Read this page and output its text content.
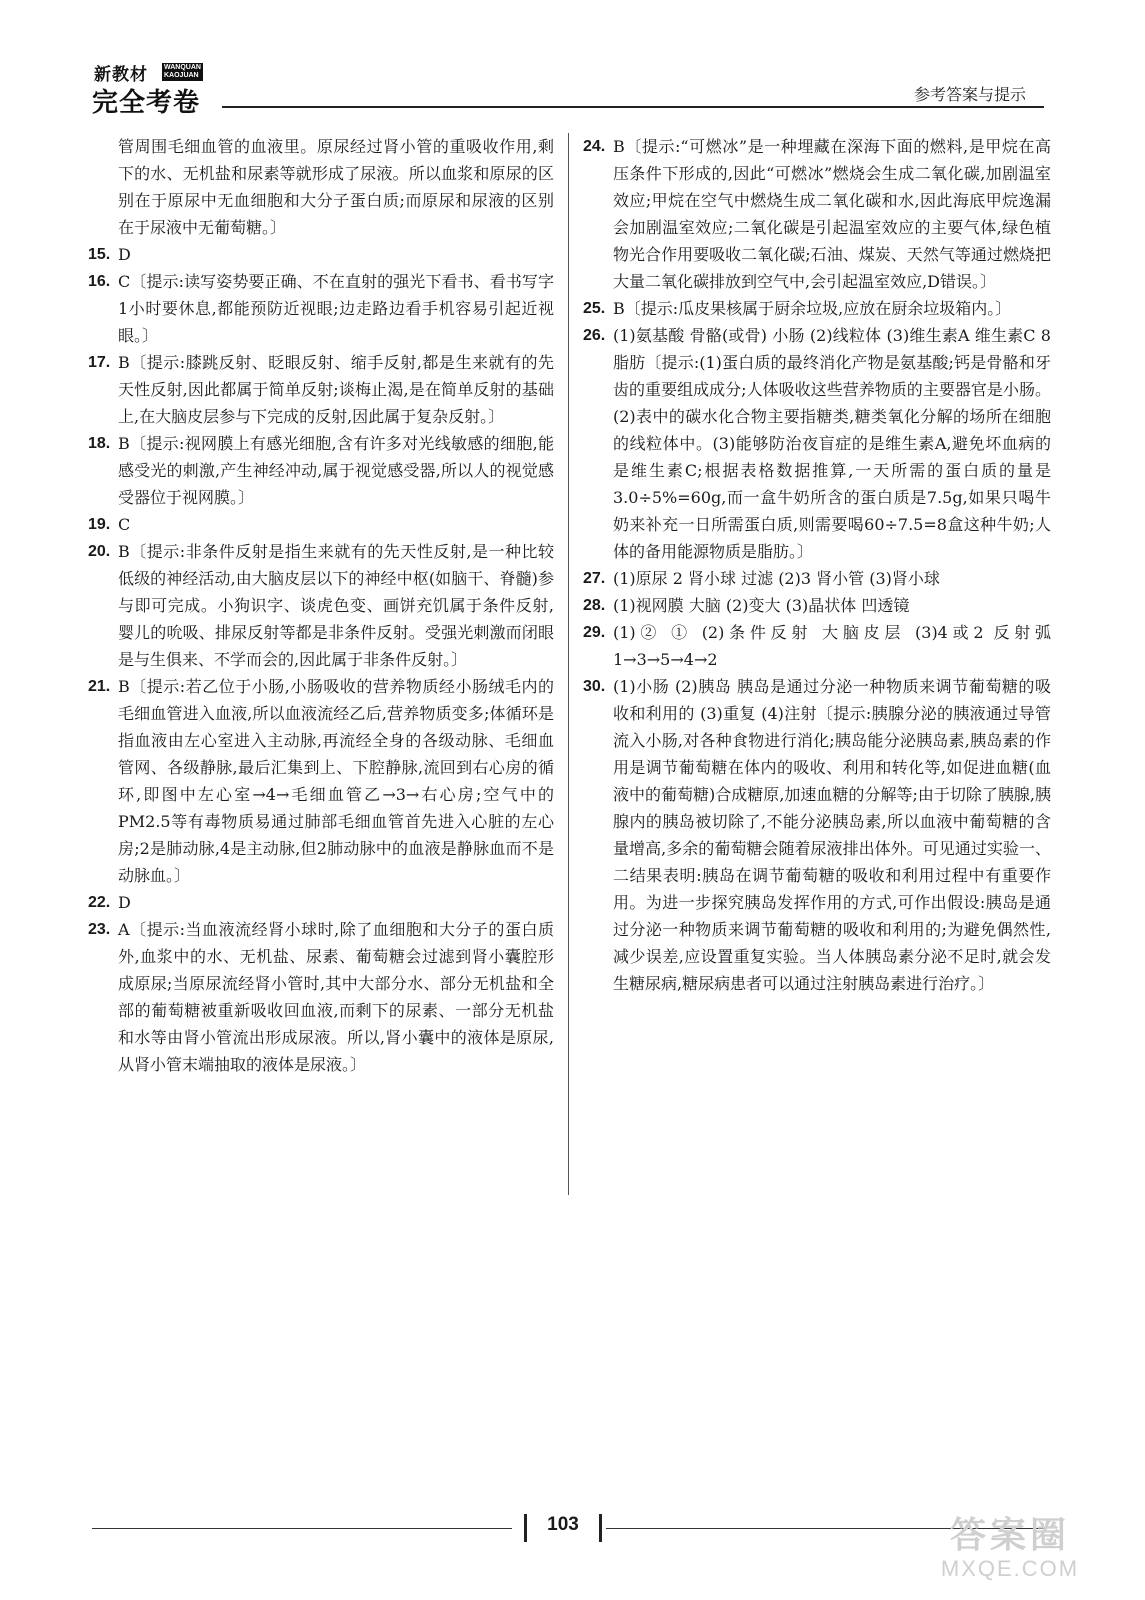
新教材 WANQUAN
KAOJUAN
完全考卷	参考答案与提示
管周围毛细血管的血液里。原尿经过肾小管的重吸收作用,剩下的水、无机盐和尿素等就形成了尿液。所以血浆和原尿的区别在于原尿中无血细胞和大分子蛋白质;而原尿和尿液的区别在于尿液中无葡萄糖。〕
15. D
16. C〔提示:读写姿势要正确、不在直射的强光下看书、看书写字1小时要休息,都能预防近视眼;边走路边看手机容易引起近视眼。〕
17. B〔提示:膝跳反射、眨眼反射、缩手反射,都是生来就有的先天性反射,因此都属于简单反射;谈梅止渴,是在简单反射的基础上,在大脑皮层参与下完成的反射,因此属于复杂反射。〕
18. B〔提示:视网膜上有感光细胞,含有许多对光线敏感的细胞,能感受光的刺激,产生神经冲动,属于视觉感受器,所以人的视觉感受器位于视网膜。〕
19. C
20. B〔提示:非条件反射是指生来就有的先天性反射,是一种比较低级的神经活动,由大脑皮层以下的神经中枢(如脑干、脊髓)参与即可完成。小狗识字、谈虎色变、画饼充饥属于条件反射,婴儿的吮吸、排尿反射等都是非条件反射。受强光刺激而闭眼是与生俱来、不学而会的,因此属于非条件反射。〕
21. B〔提示:若乙位于小肠,小肠吸收的营养物质经小肠绒毛内的毛细血管进入血液,所以血液流经乙后,营养物质变多;体循环是指血液由左心室进入主动脉,再流经全身的各级动脉、毛细血管网、各级静脉,最后汇集到上、下腔静脉,流回到右心房的循环,即图中左心室→4→毛细血管乙→3→右心房;空气中的PM2.5等有毒物质易通过肺部毛细血管首先进入心脏的左心房;2是肺动脉,4是主动脉,但2肺动脉中的血液是静脉血而不是动脉血。〕
22. D
23. A〔提示:当血液流经肾小球时,除了血细胞和大分子的蛋白质外,血浆中的水、无机盐、尿素、葡萄糖会过滤到肾小囊腔形成原尿;当原尿流经肾小管时,其中大部分水、部分无机盐和全部的葡萄糖被重新吸收回血液,而剩下的尿素、一部分无机盐和水等由肾小管流出形成尿液。所以,肾小囊中的液体是原尿,从肾小管末端抽取的液体是尿液。〕
24. B〔提示:“可燃冰”是一种埋藏在深海下面的燃料,是甲烷在高压条件下形成的,因此“可燃冰”燃烧会生成二氧化碳,加剧温室效应;甲烷在空气中燃烧生成二氧化碳和水,因此海底甲烷逸漏会加剧温室效应;二氧化碳是引起温室效应的主要气体,绿色植物光合作用要吸收二氧化碳;石油、煤炭、天然气等通过燃烧把大量二氧化碳排放到空气中,会引起温室效应,D错误。〕
25. B〔提示:瓜皮果核属于厨余垃圾,应放在厨余垃圾箱内。〕
26. (1)氨基酸 骨骼(或骨) 小肠 (2)线粒体 (3)维生素A 维生素C 8 脂肪〔提示:(1)蛋白质的最终消化产物是氨基酸;钙是骨骼和牙齿的重要组成成分;人体吸收这些营养物质的主要器官是小肠。(2)表中的碳水化合物主要指糖类,糖类氧化分解的场所在细胞的线粒体中。(3)能够防治夜盲症的是维生素A,避免坏血病的是维生素C;根据表格数据推算,一天所需的蛋白质的量是3.0÷5%=60g,而一盒牛奶所含的蛋白质是7.5g,如果只喝牛奶来补充一日所需蛋白质,则需要喝60÷7.5=8盒这种牛奶;人体的备用能源物质是脂肪。〕
27. (1)原尿 2 肾小球 过滤 (2)3 肾小管 (3)肾小球
28. (1)视网膜 大脑 (2)变大 (3)晶状体 凹透镜
29. (1)② ① (2)条件反射 大脑皮层 (3)4或2 反射弧 1→3→5→4→2
30. (1)小肠 (2)胰岛 胰岛是通过分泌一种物质来调节葡萄糖的吸收和利用的 (3)重复 (4)注射〔提示:胰腺分泌的胰液通过导管流入小肠,对各种食物进行消化;胰岛能分泌胰岛素,胰岛素的作用是调节葡萄糖在体内的吸收、利用和转化等,如促进血糖(血液中的葡萄糖)合成糖原,加速血糖的分解等;由于切除了胰腺,胰腺内的胰岛被切除了,不能分泌胰岛素,所以血液中葡萄糖的含量增高,多余的葡萄糖会随着尿液排出体外。可见通过实验一、二结果表明:胰岛在调节葡萄糖的吸收和利用过程中有重要作用。为进一步探究胰岛发挥作用的方式,可作出假设:胰岛是通过分泌一种物质来调节葡萄糖的吸收和利用的;为避免偶然性,减少误差,应设置重复实验。当人体胰岛素分泌不足时,就会发生糖尿病,糖尿病患者可以通过注射胰岛素进行治疗。〕
103	答案圈
MXQE.COM
